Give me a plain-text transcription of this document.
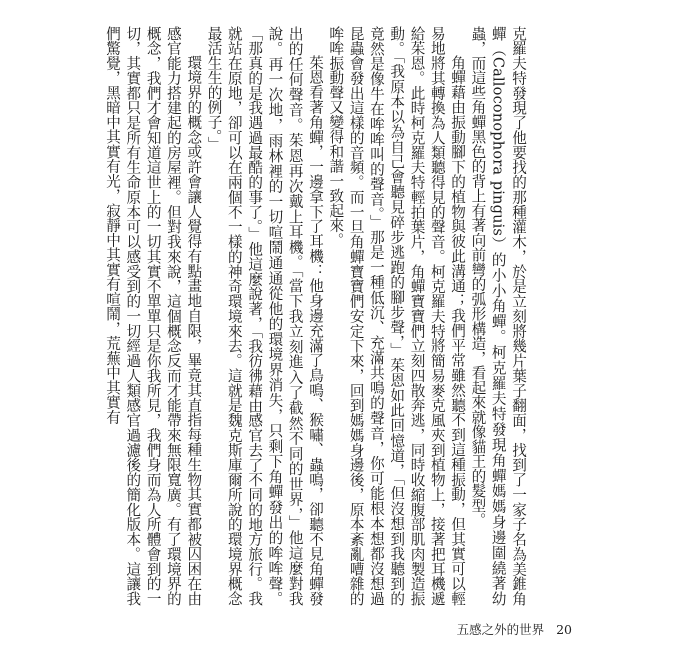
克羅夫特發現了他要找的那種灌木，於是立刻將幾片葉子翻面，找到了一家子名為美錐角蟬（Calloconophora pinguis）的小小角蟬。柯克羅夫特發現角蟬媽媽身邊圍繞著幼蟲，而這些角蟬黑色的背上有著向前彎的弧形構造，看起來就像貓王的髮型。

角蟬藉由振動腳下的植物與彼此溝通；我們平常雖然聽不到這種振動，但其實可以輕易地將其轉換為人類聽得見的聲音。柯克羅夫特將簡易麥克風夾到植物上，接著把耳機遞給茱恩。此時柯克羅夫特輕拍葉片，角蟬寶寶們立刻四散奔逃，同時收縮腹部肌肉製造振動。「我原本以為自己會聽見碎步逃跑的腳步聲，」茱恩如此回憶道，「但沒想到我聽到的竟然是像牛在哞哞叫的聲音。」那是一種低沉、充滿共鳴的聲音，你可能根本想都沒想過昆蟲會發出這樣的音頻。而一旦角蟬寶寶們安定下來，回到媽媽身邊後，原本紊亂嘈雜的哞哞振動聲又變得和諧一致起來。

茱恩看著角蟬，一邊拿下了耳機：他身邊充滿了鳥鳴、猴嘯、蟲鳴，卻聽不見角蟬發出的任何聲音。茱恩再次戴上耳機。「當下我立刻進入了截然不同的世界，」他這麼對我說。再一次地，雨林裡的一切喧鬧通通從他的環境界消失，只剩下角蟬發出的哞哞聲。「那真的是我遇過最酷的事了。」他這麼說著，「我彷彿藉由感官去了不同的地方旅行。我就站在原地，卻可以在兩個不一樣的神奇環境來去。這就是魏克斯庫爾所說的環境界概念最活生生的例子。」

環境界的概念或許會讓人覺得有點畫地自限，畢竟其直指每種生物其實都被囚困在由感官能力搭建起的房屋裡。但對我來說，這個概念反而才能帶來無限寬廣。有了環境界的概念，我們才會知道這世上的一切其實不單單只是你我所見，我們身而為人所體會到的一切，其實都只是所有生命原本可以感受到的一切經過人類感官過濾後的簡化版本。這讓我們驚覺，黑暗中其實有光，寂靜中其實有喧鬧，荒蕪中其實有

五感之外的世界 20
